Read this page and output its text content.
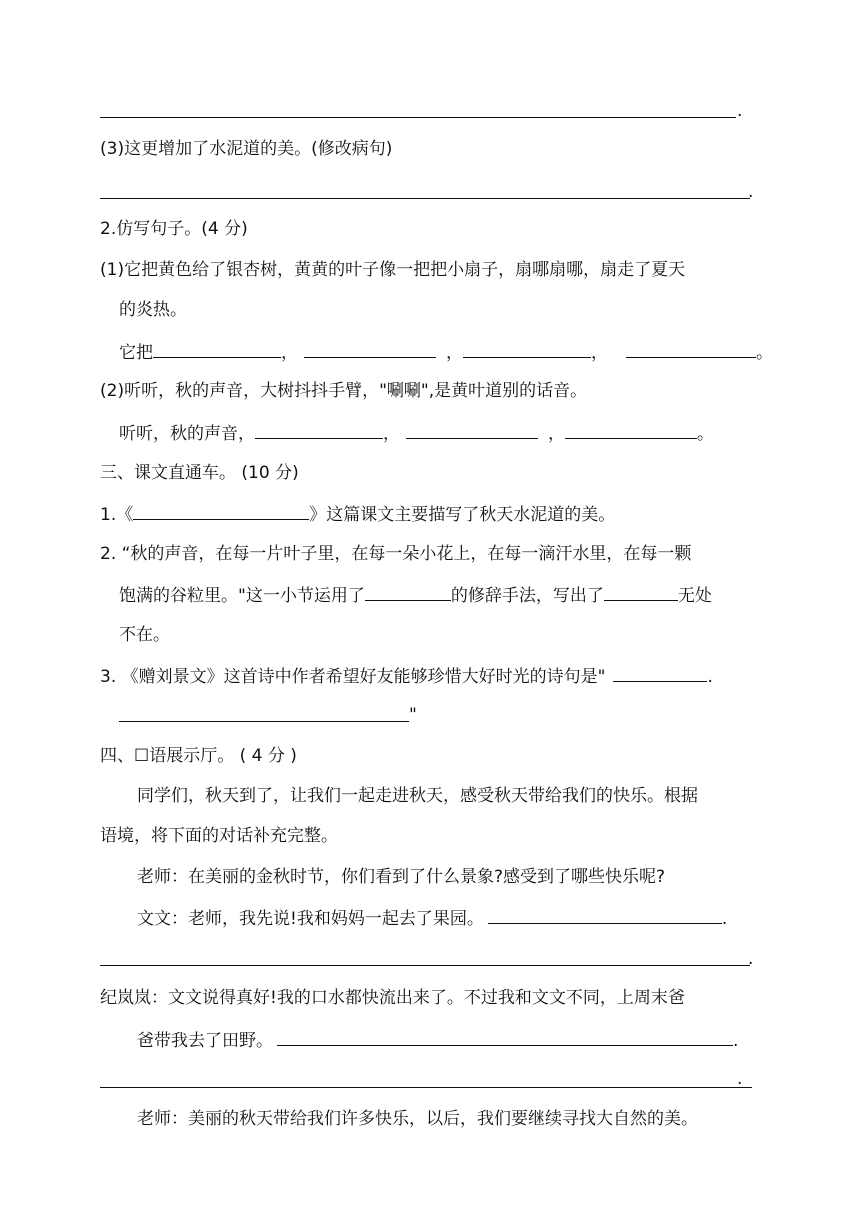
.
(3)这更增加了水泥道的美。(修改病句)
.
2.仿写句子。(4 分)
(1)它把黄色给了银杏树，黄黄的叶子像一把把小扇子，扇哪扇哪，扇走了夏天
的炎热。
它把	，	，	，	。
(2)听听，秋的声音，大树抖抖手臂，"唰唰",是黄叶道别的话音。
听听，秋的声音，	，	，	。
三、课文直通车。 (10 分)
1.《	》这篇课文主要描写了秋天水泥道的美。
2. “秋的声音，在每一片叶子里，在每一朵小花上，在每一滴汗水里，在每一颗
饱满的谷粒里。"这一小节运用了	的修辞手法，写出了	无处
不在。
3. 《赠刘景文》这首诗中作者希望好友能够珍惜大好时光的诗句是"	.
"
四、☐语展示厅。 ( 4 分 )
同学们，秋天到了，让我们一起走进秋天，感受秋天带给我们的快乐。根据
语境，将下面的对话补充完整。
老师：在美丽的金秋时节，你们看到了什么景象?感受到了哪些快乐呢?
文文：老师，我先说!我和妈妈一起去了果园。	.
.
纪岚岚：文文说得真好!我的口水都快流出来了。不过我和文文不同，上周末爸
爸带我去了田野。	.
.
老师：美丽的秋天带给我们许多快乐，以后，我们要继续寻找大自然的美。
